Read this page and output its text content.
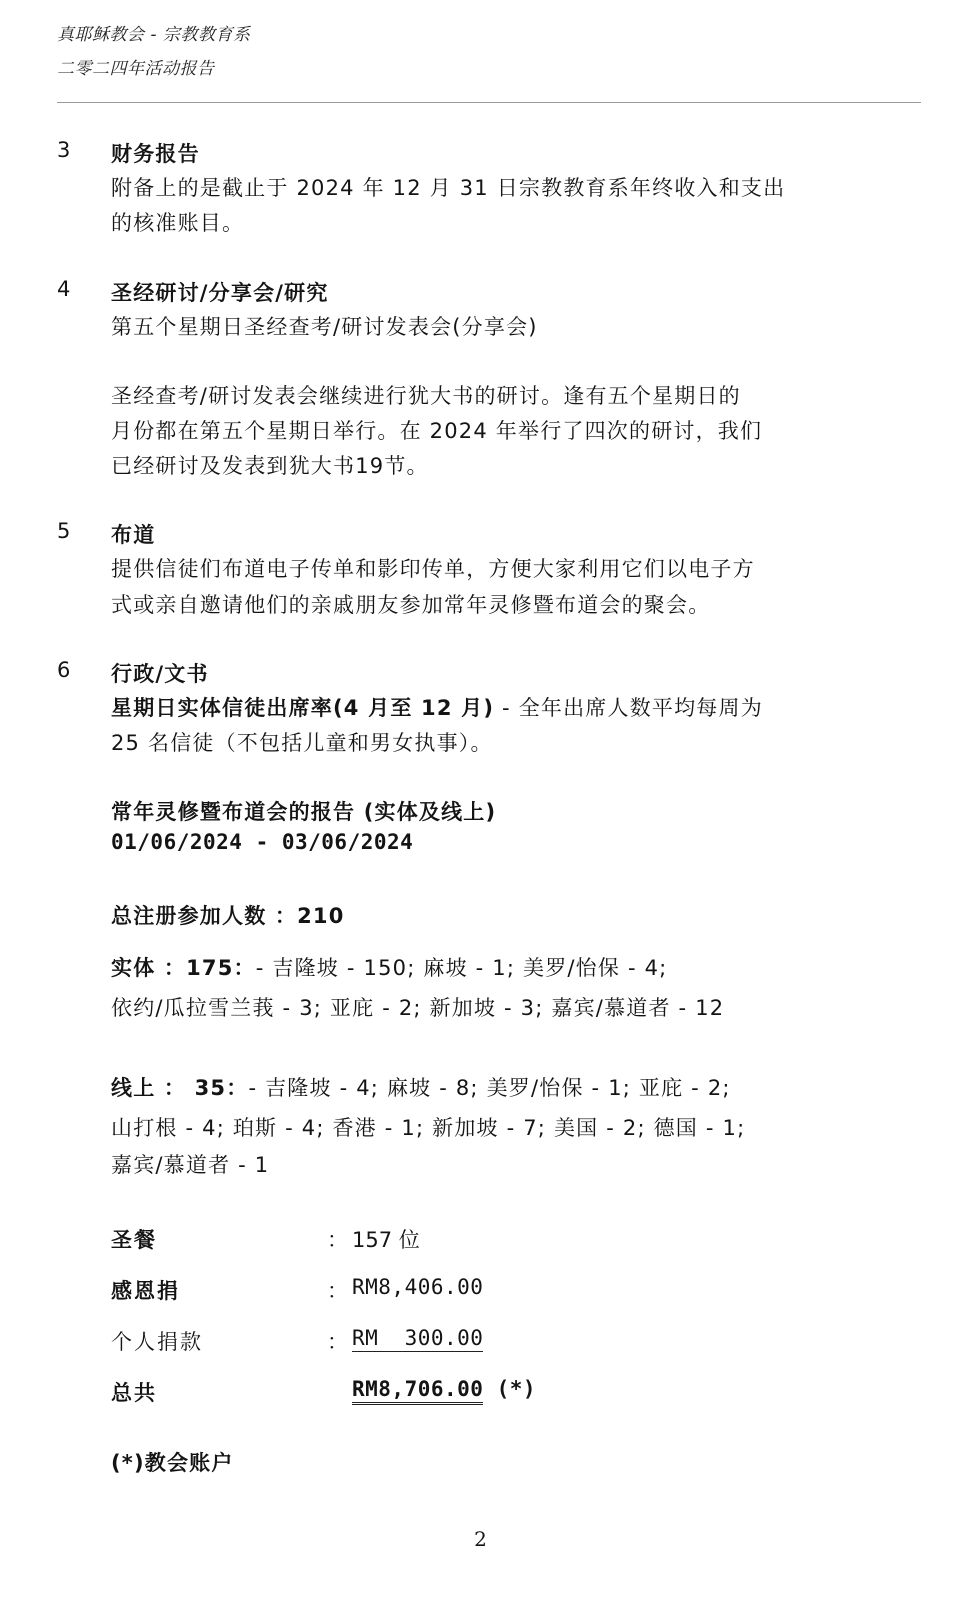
真耶稣教会 - 宗教教育系
二零二四年活动报告
3 财务报告
附备上的是截止于 2024 年 12 月 31 日宗教教育系年终收入和支出
的核准账目。
4 圣经研讨/分享会/研究
第五个星期日圣经查考/研讨发表会(分享会)
圣经查考/研讨发表会继续进行犹大书的研讨。逢有五个星期日的
月份都在第五个星期日举行。在 2024 年举行了四次的研讨，我们
已经研讨及发表到犹大书19节。
5 布道
提供信徒们布道电子传单和影印传单，方便大家利用它们以电子方
式或亲自邀请他们的亲戚朋友参加常年灵修暨布道会的聚会。
6 行政/文书
星期日实体信徒出席率(4 月至 12 月) - 全年出席人数平均每周为
25 名信徒（不包括儿童和男女执事）。
常年灵修暨布道会的报告 (实体及线上)
01/06/2024 - 03/06/2024
总注册参加人数 ：210
实体 ：175：- 吉隆坡 - 150; 麻坡 - 1; 美罗/怡保 - 4;
依约/瓜拉雪兰莪 - 3; 亚庇 - 2; 新加坡 - 3; 嘉宾/慕道者 - 12
线上 ： 35：- 吉隆坡 - 4; 麻坡 - 8; 美罗/怡保 - 1; 亚庇 - 2;
山打根 - 4; 珀斯 - 4; 香港 - 1; 新加坡 - 7; 美国 - 2; 德国 - 1;
嘉宾/慕道者 - 1
圣餐	： 157 位
感恩捐	： RM8,406.00
个人捐款	： RM  300.00
总共	RM8,706.00 (*)
(*)教会账户
2
